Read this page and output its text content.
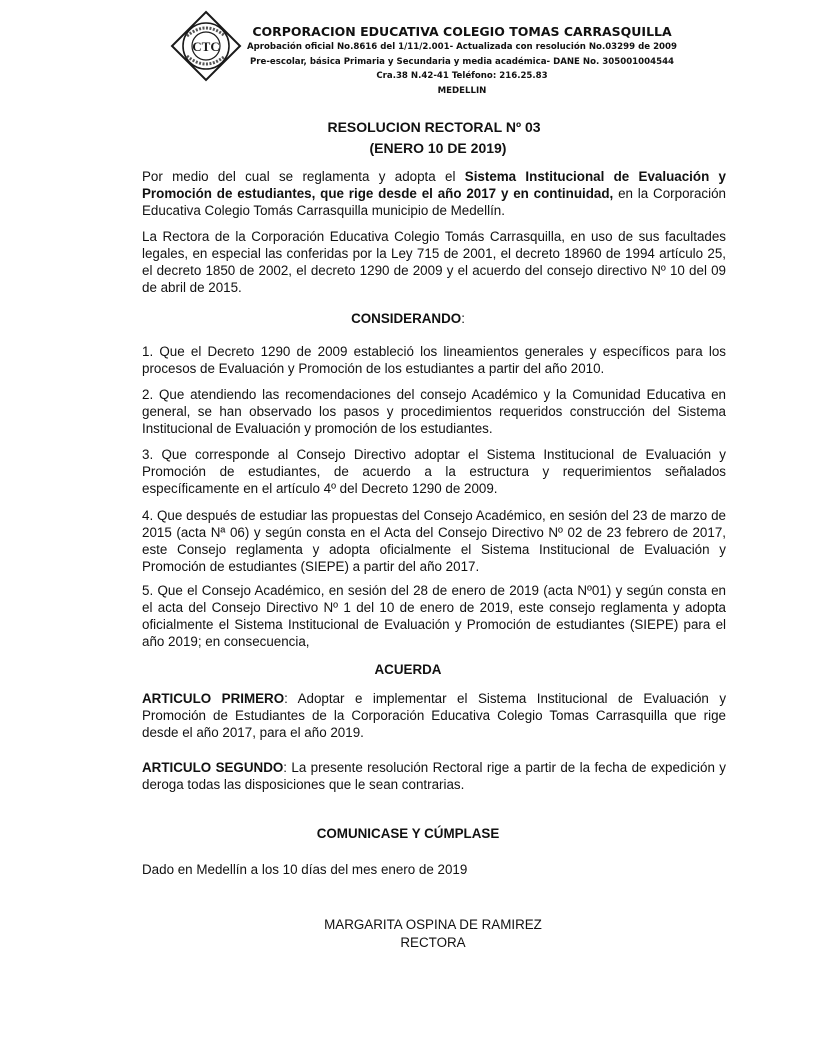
CTC
CORPORACION EDUCATIVA COLEGIO TOMAS CARRASQUILLA
Aprobación oficial No.8616 del 1/11/2.001- Actualizada con resolución No.03299 de 2009
Pre-escolar, básica Primaria y Secundaria y media académica- DANE No. 305001004544
Cra.38 N.42-41 Teléfono: 216.25.83
MEDELLIN
RESOLUCION RECTORAL Nº 03
(ENERO 10 DE 2019)

Por medio del cual se reglamenta y adopta el Sistema Institucional de Evaluación y Promoción de estudiantes, que rige desde el año 2017 y en continuidad, en la Corporación Educativa Colegio Tomás Carrasquilla municipio de Medellín.

La Rectora de la Corporación Educativa Colegio Tomás Carrasquilla, en uso de sus facultades legales, en especial las conferidas por la Ley 715 de 2001, el decreto 18960 de 1994 artículo 25, el decreto 1850 de 2002, el decreto 1290 de 2009 y el acuerdo del consejo directivo Nº 10 del 09 de abril de 2015.

CONSIDERANDO:

1. Que el Decreto 1290 de 2009 estableció los lineamientos generales y específicos para los procesos de Evaluación y Promoción de los estudiantes a partir del año 2010.

2. Que atendiendo las recomendaciones del consejo Académico y la Comunidad Educativa en general, se han observado los pasos y procedimientos requeridos construcción del Sistema Institucional de Evaluación y promoción de los estudiantes.

3. Que corresponde al Consejo Directivo adoptar el Sistema Institucional de Evaluación y Promoción de estudiantes, de acuerdo a la estructura y requerimientos señalados específicamente en el artículo 4º del Decreto 1290 de 2009.

4. Que después de estudiar las propuestas del Consejo Académico, en sesión del 23 de marzo de 2015 (acta Nª 06) y según consta en el Acta del Consejo Directivo Nº 02 de 23 febrero de 2017, este Consejo reglamenta y adopta oficialmente el Sistema Institucional de Evaluación y Promoción de estudiantes (SIEPE) a partir del año 2017.

5. Que el Consejo Académico, en sesión del 28 de enero de 2019 (acta Nº01) y según consta en el acta del Consejo Directivo Nº 1 del 10 de enero de 2019, este consejo reglamenta y adopta oficialmente el Sistema Institucional de Evaluación y Promoción de estudiantes (SIEPE) para el año 2019; en consecuencia,

ACUERDA

ARTICULO PRIMERO: Adoptar e implementar el Sistema Institucional de Evaluación y Promoción de Estudiantes de la Corporación Educativa Colegio Tomas Carrasquilla que rige desde el año 2017, para el año 2019.

ARTICULO SEGUNDO: La presente resolución Rectoral rige a partir de la fecha de expedición y deroga todas las disposiciones que le sean contrarias.

COMUNICASE Y CÚMPLASE

Dado en Medellín a los 10 días del mes enero de 2019

MARGARITA OSPINA DE RAMIREZ
RECTORA
